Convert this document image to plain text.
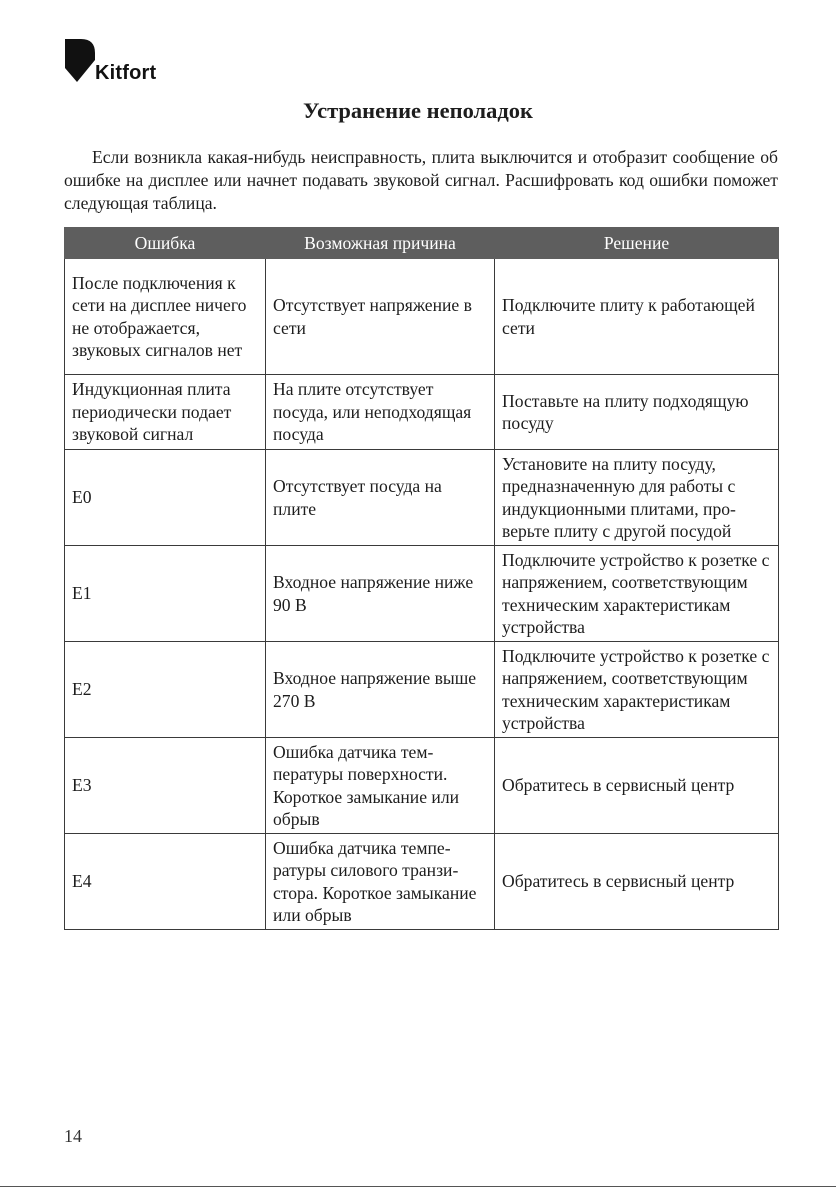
Kitfort
Устранение неполадок

Если возникла какая-нибудь неисправность, плита выключится и отобразит сообщение об ошибке на дисплее или начнет подавать звуковой сигнал. Расшифровать код ошибки поможет следующая таблица.

Ошибка	Возможная причина	Решение
После подключения к сети на дисплее ничего не отображается, звуковых сигналов нет	Отсутствует напряжение в сети	Подключите плиту к работающей сети
Индукционная плита периодически подает звуковой сигнал	На плите отсутствует посуда, или неподходящая посуда	Поставьте на плиту подходящую посуду
E0	Отсутствует посуда на плите	Установите на плиту посуду, предназначенную для работы с индукционными плитами, проверьте плиту с другой посудой
E1	Входное напряжение ниже 90 В	Подключите устройство к розетке с напряжением, соответствующим техническим характеристикам устройства
E2	Входное напряжение выше 270 В	Подключите устройство к розетке с напряжением, соответствующим техническим характеристикам устройства
E3	Ошибка датчика температуры поверхности. Короткое замыкание или обрыв	Обратитесь в сервисный центр
E4	Ошибка датчика температуры силового транзистора. Короткое замыкание или обрыв	Обратитесь в сервисный центр
14
